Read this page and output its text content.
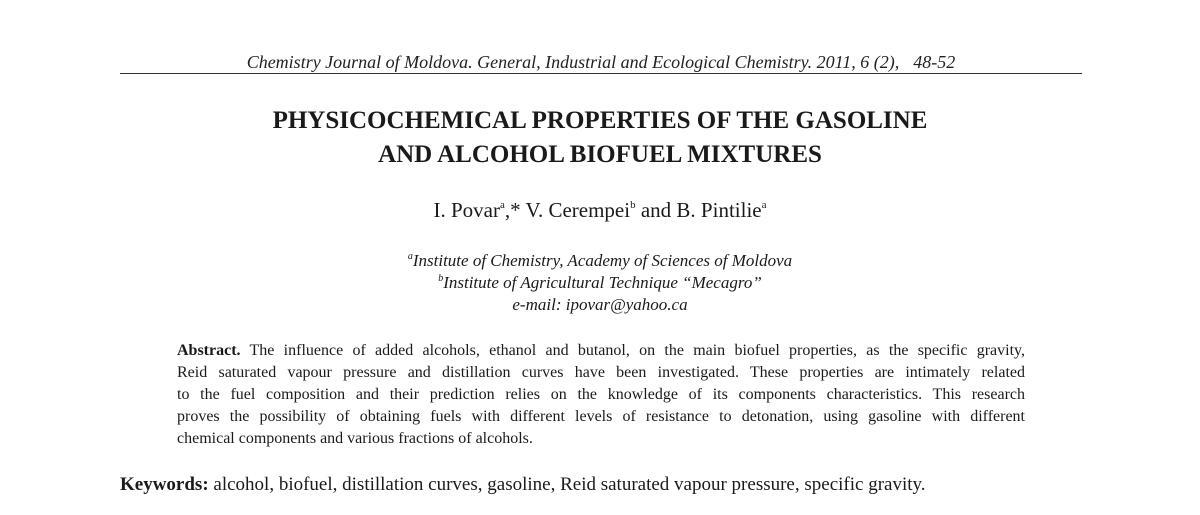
Chemistry Journal of Moldova. General, Industrial and Ecological Chemistry. 2011, 6 (2), 48-52
PHYSICOCHEMICAL PROPERTIES OF THE GASOLINE
AND ALCOHOL BIOFUEL MIXTURES
I. Povar$^a$,* V. Cerempei$^b$ and B. Pintilie$^a$
$^a$Institute of Chemistry, Academy of Sciences of Moldova
$^b$Institute of Agricultural Technique “Mecagro”
e-mail: ipovar@yahoo.ca
Abstract. The influence of added alcohols, ethanol and butanol, on the main biofuel properties, as the specific gravity,
Reid saturated vapour pressure and distillation curves have been investigated. These properties are intimately related
to the fuel composition and their prediction relies on the knowledge of its components characteristics. This research
proves the possibility of obtaining fuels with different levels of resistance to detonation, using gasoline with different
chemical components and various fractions of alcohols.
Keywords: alcohol, biofuel, distillation curves, gasoline, Reid saturated vapour pressure, specific gravity.
